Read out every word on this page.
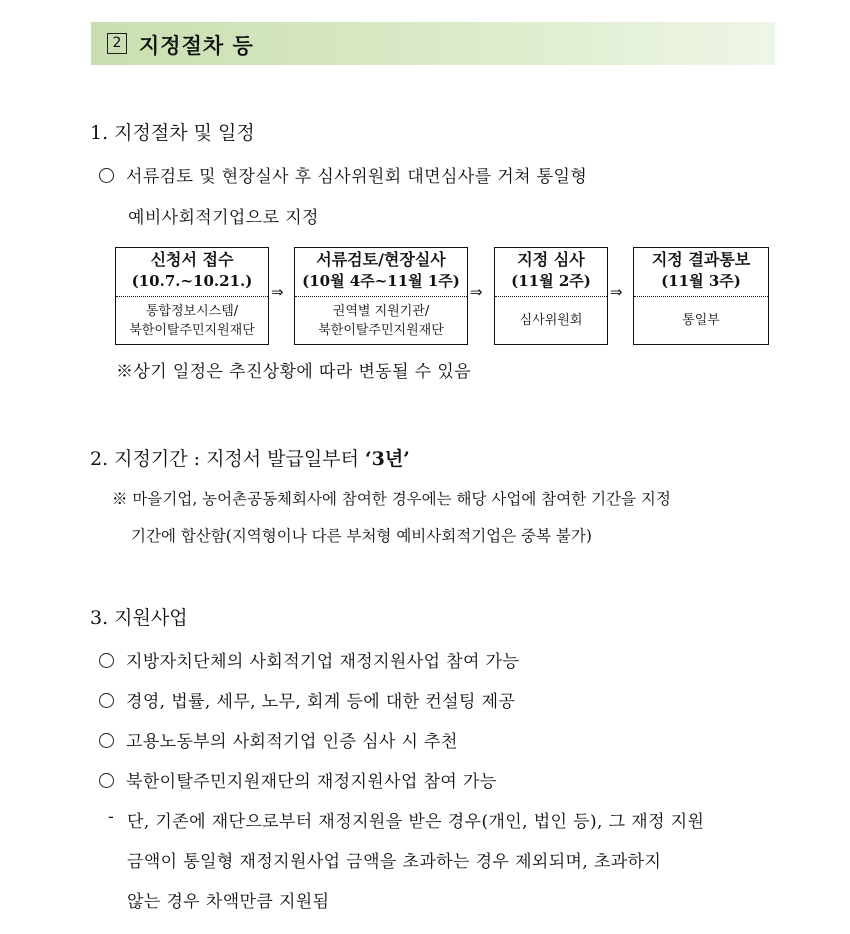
2 지정절차 등
1. 지정절차 및 일정
서류검토 및 현장실사 후 심사위원회 대면심사를 거쳐 통일형
예비사회적기업으로 지정
신청서 접수
(10.7.~10.21.)
통합정보시스템/
북한이탈주민지원재단
⇒
서류검토/현장실사
(10월 4주~11월 1주)
권역별 지원기관/
북한이탈주민지원재단
⇒
지정 심사
(11월 2주)
심사위원회
⇒
지정 결과통보
(11월 3주)
통일부
※상기 일정은 추진상황에 따라 변동될 수 있음
2. 지정기간 : 지정서 발급일부터 ‘3년’
※ 마을기업, 농어촌공동체회사에 참여한 경우에는 해당 사업에 참여한 기간을 지정
기간에 합산함(지역형이나 다른 부처형 예비사회적기업은 중복 불가)
3. 지원사업
지방자치단체의 사회적기업 재정지원사업 참여 가능
경영, 법률, 세무, 노무, 회계 등에 대한 컨설팅 제공
고용노동부의 사회적기업 인증 심사 시 추천
북한이탈주민지원재단의 재정지원사업 참여 가능
- 단, 기존에 재단으로부터 재정지원을 받은 경우(개인, 법인 등), 그 재정 지원
금액이 통일형 재정지원사업 금액을 초과하는 경우 제외되며, 초과하지
않는 경우 차액만큼 지원됨
